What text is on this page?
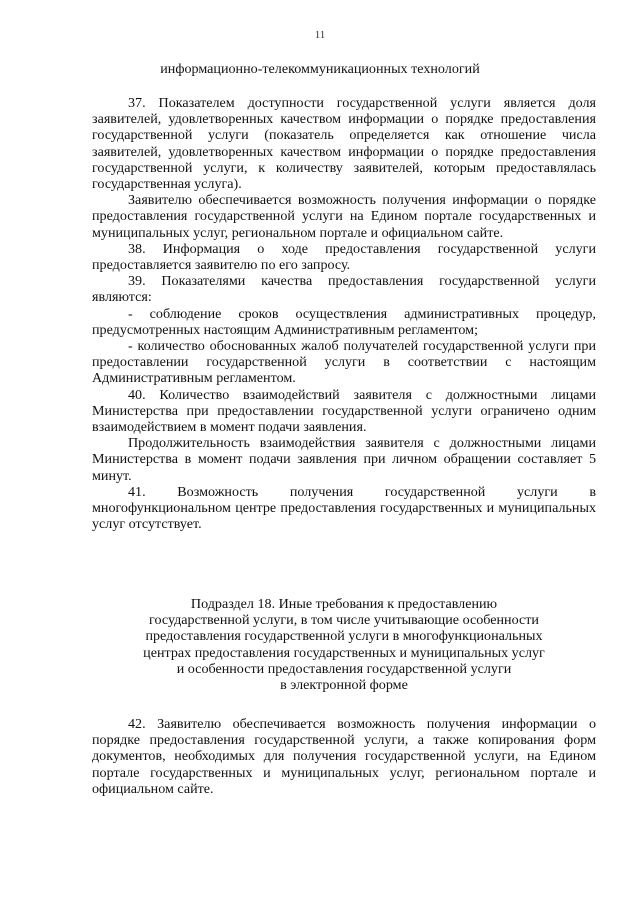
11
информационно-телекоммуникационных технологий

37. Показателем доступности государственной услуги является доля заявителей, удовлетворенных качеством информации о порядке предоставления государственной услуги (показатель определяется как отношение числа заявителей, удовлетворенных качеством информации о порядке предоставления государственной услуги, к количеству заявителей, которым предоставлялась государственная услуга).

Заявителю обеспечивается возможность получения информации о порядке предоставления государственной услуги на Едином портале государственных и муниципальных услуг, региональном портале и официальном сайте.

38. Информация о ходе предоставления государственной услуги предоставляется заявителю по его запросу.

39. Показателями качества предоставления государственной услуги являются:

- соблюдение сроков осуществления административных процедур, предусмотренных настоящим Административным регламентом;

- количество обоснованных жалоб получателей государственной услуги при предоставлении государственной услуги в соответствии с настоящим Административным регламентом.

40. Количество взаимодействий заявителя с должностными лицами Министерства при предоставлении государственной услуги ограничено одним взаимодействием в момент подачи заявления.

Продолжительность взаимодействия заявителя с должностными лицами Министерства в момент подачи заявления при личном обращении составляет 5 минут.

41. Возможность получения государственной услуги в многофункциональном центре предоставления государственных и муниципальных услуг отсутствует.

Подраздел 18. Иные требования к предоставлению
государственной услуги, в том числе учитывающие особенности
предоставления государственной услуги в многофункциональных
центрах предоставления государственных и муниципальных услуг
и особенности предоставления государственной услуги
в электронной форме

42. Заявителю обеспечивается возможность получения информации о порядке предоставления государственной услуги, а также копирования форм документов, необходимых для получения государственной услуги, на Едином портале государственных и муниципальных услуг, региональном портале и официальном сайте.
